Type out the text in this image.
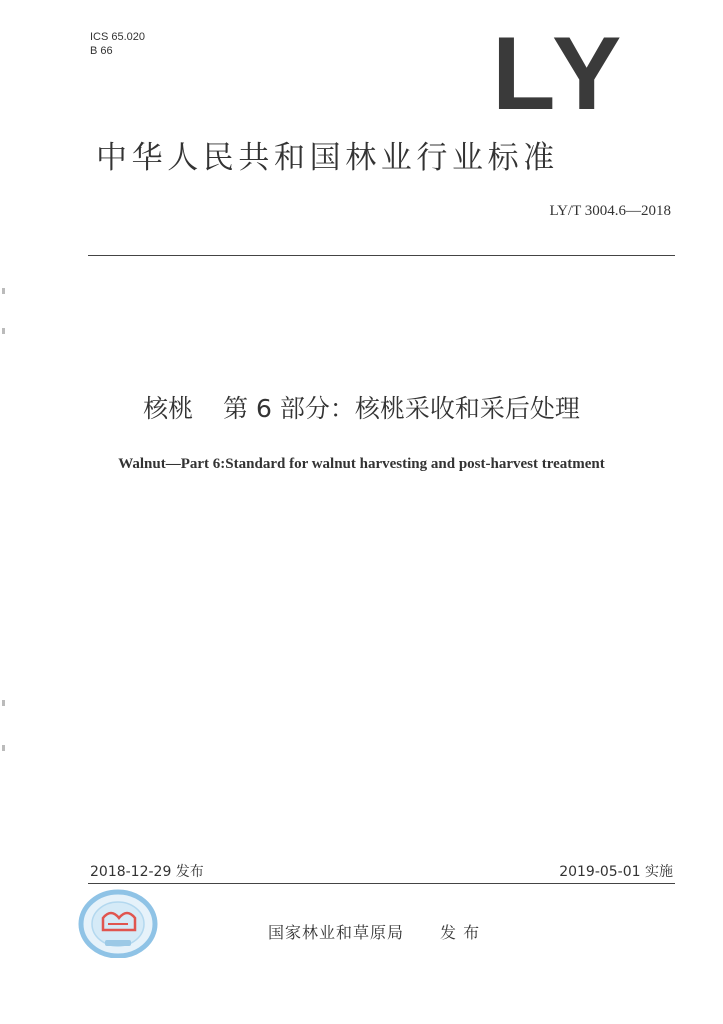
ICS 65.020
B 66	LY
中华人民共和国林业行业标准
LY/T 3004.6—2018
核桃 第 6 部分：核桃采收和采后处理
Walnut—Part 6:Standard for walnut harvesting and post-harvest treatment
2018-12-29 发布	2019-05-01 实施
国家林业和草原局 发 布
